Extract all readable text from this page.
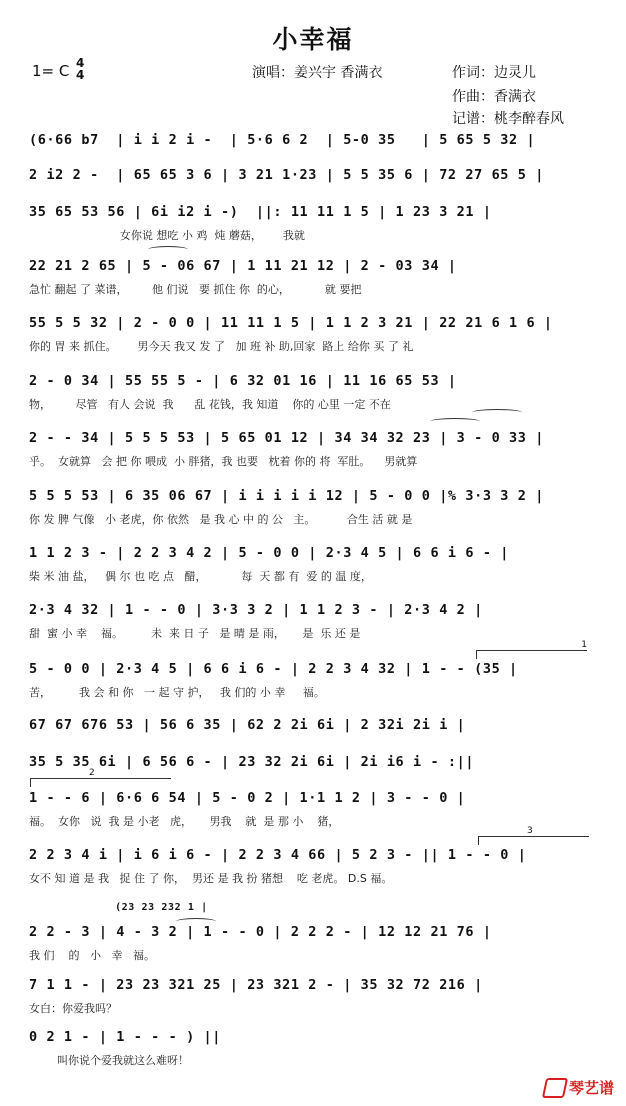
小幸福
1= C 4
4	演唱：姜兴宇 香满衣	作词：边灵儿
作曲：香满衣
记谱：桃李醉春风
(6·66 b7  | i i 2 i -  | 5·6 6 2  | 5-0 35   | 5 65 5 32 |
2 i2 2 -  | 65 65 3 6 | 3 21 1·23 | 5 5 35 6 | 72 27 65 5 |
35 65 53 56 | 6i i2 i -)  ||: 11 11 1 5 | 1 23 3 21 |
女你说 想吃 小 鸡  炖 蘑菇，      我就
22 21 2 65 | 5 - 06 67 | 1 11 21 12 | 2 - 03 34 |
急忙 翻起 了 菜谱，       他 们说   要 抓住 你  的心，          就 要把
55 5 5 32 | 2 - 0 0 | 11 11 1 5 | 1 1 2 3 21 | 22 21 6 1 6 |
你的 胃 来 抓住。      男今天 我又 发 了   加 班 补 助,回家  路上 给你 买 了 礼
2 - 0 34 | 55 55 5 - | 6 32 01 16 | 11 16 65 53 |
物，       尽管   有人 会说  我      乱 花钱，我 知道    你的 心里 一定 不在
2 - - 34 | 5 5 5 53 | 5 65 01 12 | 34 34 32 23 | 3 - 0 33 |
乎。  女就算   会 把 你 喂成  小 胖猪，我 也要   枕着 你的 将  军肚。    男就算
5 5 5 53 | 6 35 06 67 | i i i i i 12 | 5 - 0 0 |% 3·3 3 2 |
你 发 脾 气像   小 老虎，你 依然   是 我 心 中 的 公   主。         合生 活 就 是
1 1 2 3 - | 2 2 3 4 2 | 5 - 0 0 | 2·3 4 5 | 6 6 i 6 - |
柴 米 油 盐，   偶 尔 也 吃 点   醋，          每  天 都 有  爱 的 温 度，
2·3 4 32 | 1 - - 0 | 3·3 3 2 | 1 1 2 3 - | 2·3 4 2 |
甜  蜜 小 幸    福。        未  来 日 子   是 晴 是 雨，     是  乐 还 是
5 - 0 0 | 2·3 4 5 | 6 6 i 6 - | 2 2 3 4 32 | 1 - - (35 |
苦，        我 会 和 你   一 起 守 护，   我 们的 小 幸     福。
67 67 676 53 | 56 6 35 | 62 2 2i 6i | 2 32i 2i i |
35 5 35 6i | 6 56 6 - | 23 32 2i 6i | 2i i6 i - :||
1 - - 6 | 6·6 6 54 | 5 - 0 2 | 1·1 1 2 | 3 - - 0 |
福。  女你   说  我 是 小老   虎，     男我    就  是 那 小    猪，
2 2 3 4 i | i 6 i 6 - | 2 2 3 4 66 | 5 2 3 - || 1 - - 0 |
女不 知 道 是 我   捉 住 了 你，  男还 是 我 扮 猪想    吃 老虎。 D.S 福。
(23 23 232 1 |
2 2 - 3 | 4 - 3 2 | 1 - - 0 | 2 2 2 - | 12 12 21 76 |
我 们    的   小   幸   福。
7 1 1 - | 23 23 321 25 | 23 321 2 - | 35 32 72 216 |
女白：你爱我吗？
0 2 1 - | 1 - - - ) ||
叫你说个爱我就这么难呀！
1
2
3
琴艺谱
